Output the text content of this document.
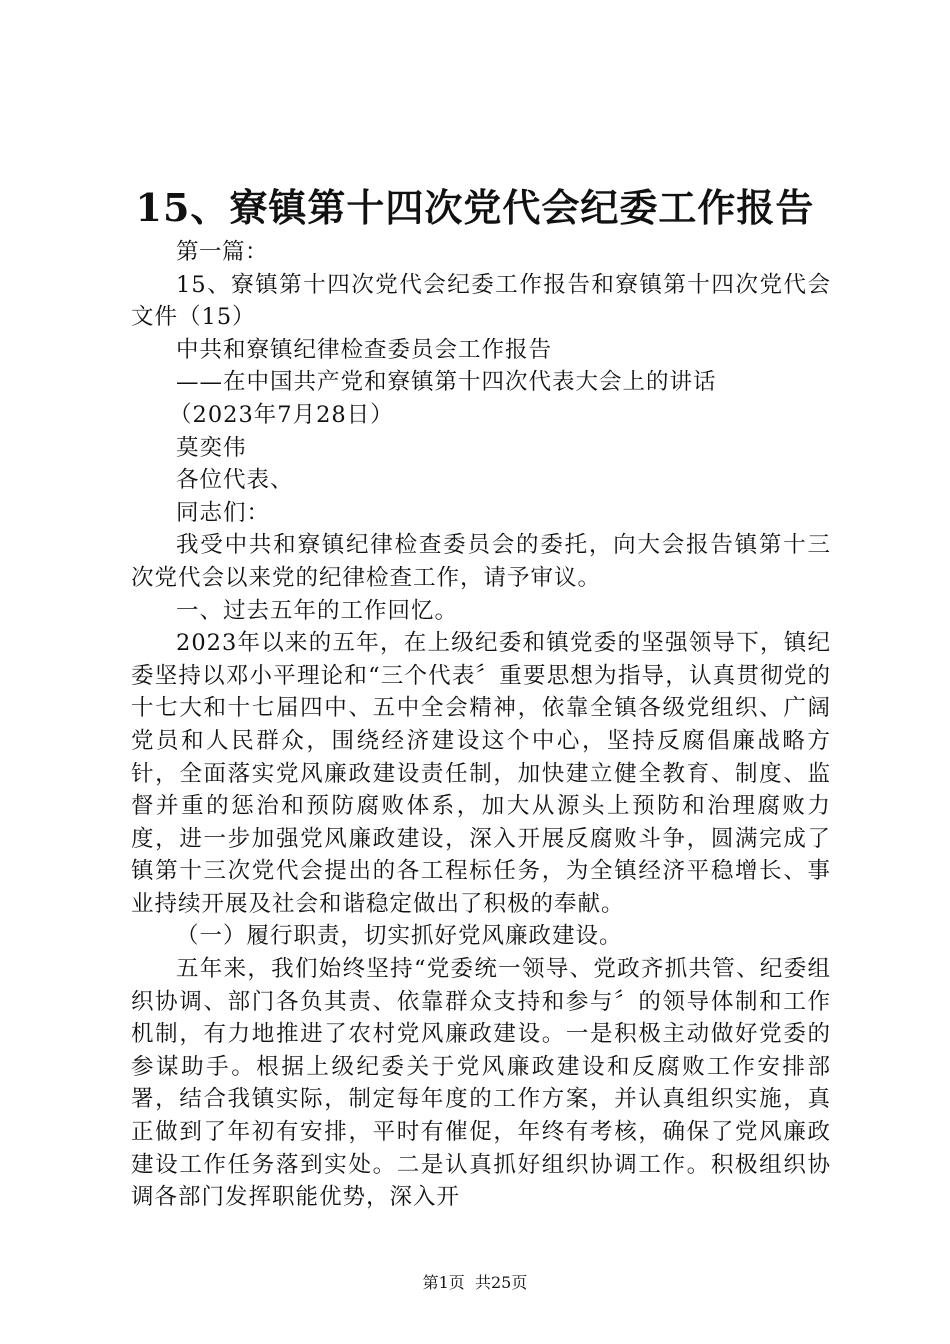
15、寮镇第十四次党代会纪委工作报告

第一篇：

15、寮镇第十四次党代会纪委工作报告和寮镇第十四次党代会文件（15）

中共和寮镇纪律检查委员会工作报告

——在中国共产党和寮镇第十四次代表大会上的讲话

（2023年7月28日）

莫奕伟

各位代表、

同志们：

我受中共和寮镇纪律检查委员会的委托，向大会报告镇第十三次党代会以来党的纪律检查工作，请予审议。

一、过去五年的工作回忆。

2023年以来的五年，在上级纪委和镇党委的坚强领导下，镇纪委坚持以邓小平理论和“三个代表〞重要思想为指导，认真贯彻党的十七大和十七届四中、五中全会精神，依靠全镇各级党组织、广阔党员和人民群众，围绕经济建设这个中心，坚持反腐倡廉战略方针，全面落实党风廉政建设责任制，加快建立健全教育、制度、监督并重的惩治和预防腐败体系，加大从源头上预防和治理腐败力度，进一步加强党风廉政建设，深入开展反腐败斗争，圆满完成了镇第十三次党代会提出的各工程标任务，为全镇经济平稳增长、事业持续开展及社会和谐稳定做出了积极的奉献。

（一）履行职责，切实抓好党风廉政建设。

五年来，我们始终坚持“党委统一领导、党政齐抓共管、纪委组织协调、部门各负其责、依靠群众支持和参与〞的领导体制和工作机制，有力地推进了农村党风廉政建设。一是积极主动做好党委的参谋助手。根据上级纪委关于党风廉政建设和反腐败工作安排部署，结合我镇实际，制定每年度的工作方案，并认真组织实施，真正做到了年初有安排，平时有催促，年终有考核，确保了党风廉政建设工作任务落到实处。二是认真抓好组织协调工作。积极组织协调各部门发挥职能优势，深入开

第1页 共25页
